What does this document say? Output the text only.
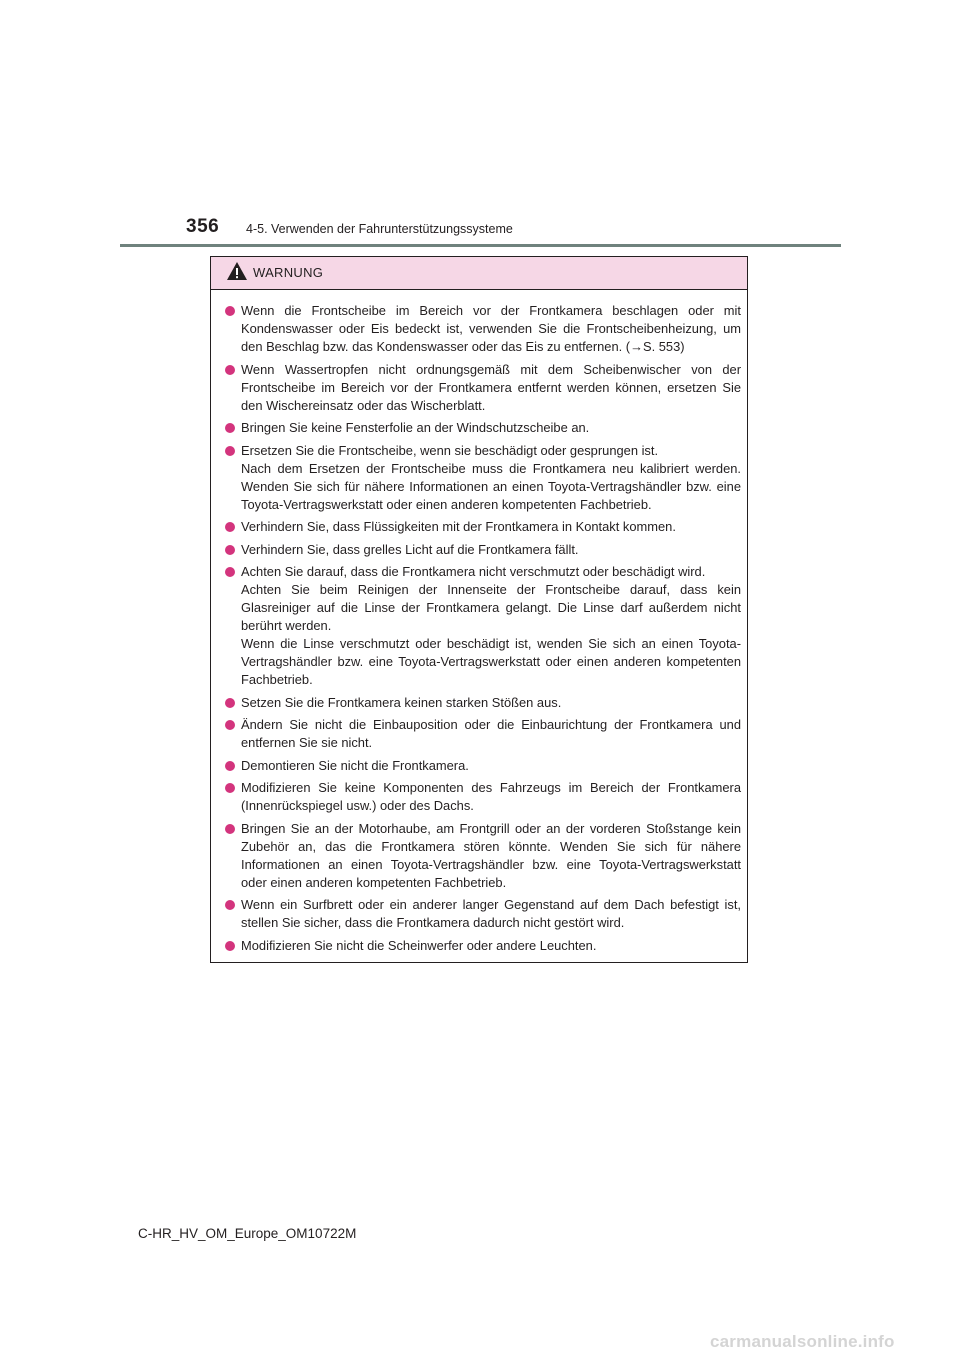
356 4-5. Verwenden der Fahrunterstützungssysteme
WARNUNG
Wenn die Frontscheibe im Bereich vor der Frontkamera beschlagen oder mit Kondenswasser oder Eis bedeckt ist, verwenden Sie die Frontscheibenheizung, um den Beschlag bzw. das Kondenswasser oder das Eis zu entfernen. (→S. 553)
Wenn Wassertropfen nicht ordnungsgemäß mit dem Scheibenwischer von der Frontscheibe im Bereich vor der Frontkamera entfernt werden können, ersetzen Sie den Wischereinsatz oder das Wischerblatt.
Bringen Sie keine Fensterfolie an der Windschutzscheibe an.
Ersetzen Sie die Frontscheibe, wenn sie beschädigt oder gesprungen ist.
Nach dem Ersetzen der Frontscheibe muss die Frontkamera neu kalibriert werden. Wenden Sie sich für nähere Informationen an einen Toyota-Vertragshändler bzw. eine Toyota-Vertragswerkstatt oder einen anderen kompetenten Fachbetrieb.
Verhindern Sie, dass Flüssigkeiten mit der Frontkamera in Kontakt kommen.
Verhindern Sie, dass grelles Licht auf die Frontkamera fällt.
Achten Sie darauf, dass die Frontkamera nicht verschmutzt oder beschädigt wird.
Achten Sie beim Reinigen der Innenseite der Frontscheibe darauf, dass kein Glasreiniger auf die Linse der Frontkamera gelangt. Die Linse darf außerdem nicht berührt werden.
Wenn die Linse verschmutzt oder beschädigt ist, wenden Sie sich an einen Toyota-Vertragshändler bzw. eine Toyota-Vertragswerkstatt oder einen anderen kompetenten Fachbetrieb.
Setzen Sie die Frontkamera keinen starken Stößen aus.
Ändern Sie nicht die Einbauposition oder die Einbaurichtung der Frontkamera und entfernen Sie sie nicht.
Demontieren Sie nicht die Frontkamera.
Modifizieren Sie keine Komponenten des Fahrzeugs im Bereich der Frontkamera (Innenrückspiegel usw.) oder des Dachs.
Bringen Sie an der Motorhaube, am Frontgrill oder an der vorderen Stoßstange kein Zubehör an, das die Frontkamera stören könnte. Wenden Sie sich für nähere Informationen an einen Toyota-Vertragshändler bzw. eine Toyota-Vertragswerkstatt oder einen anderen kompetenten Fachbetrieb.
Wenn ein Surfbrett oder ein anderer langer Gegenstand auf dem Dach befestigt ist, stellen Sie sicher, dass die Frontkamera dadurch nicht gestört wird.
Modifizieren Sie nicht die Scheinwerfer oder andere Leuchten.
C-HR_HV_OM_Europe_OM10722M
carmanualsonline.info
